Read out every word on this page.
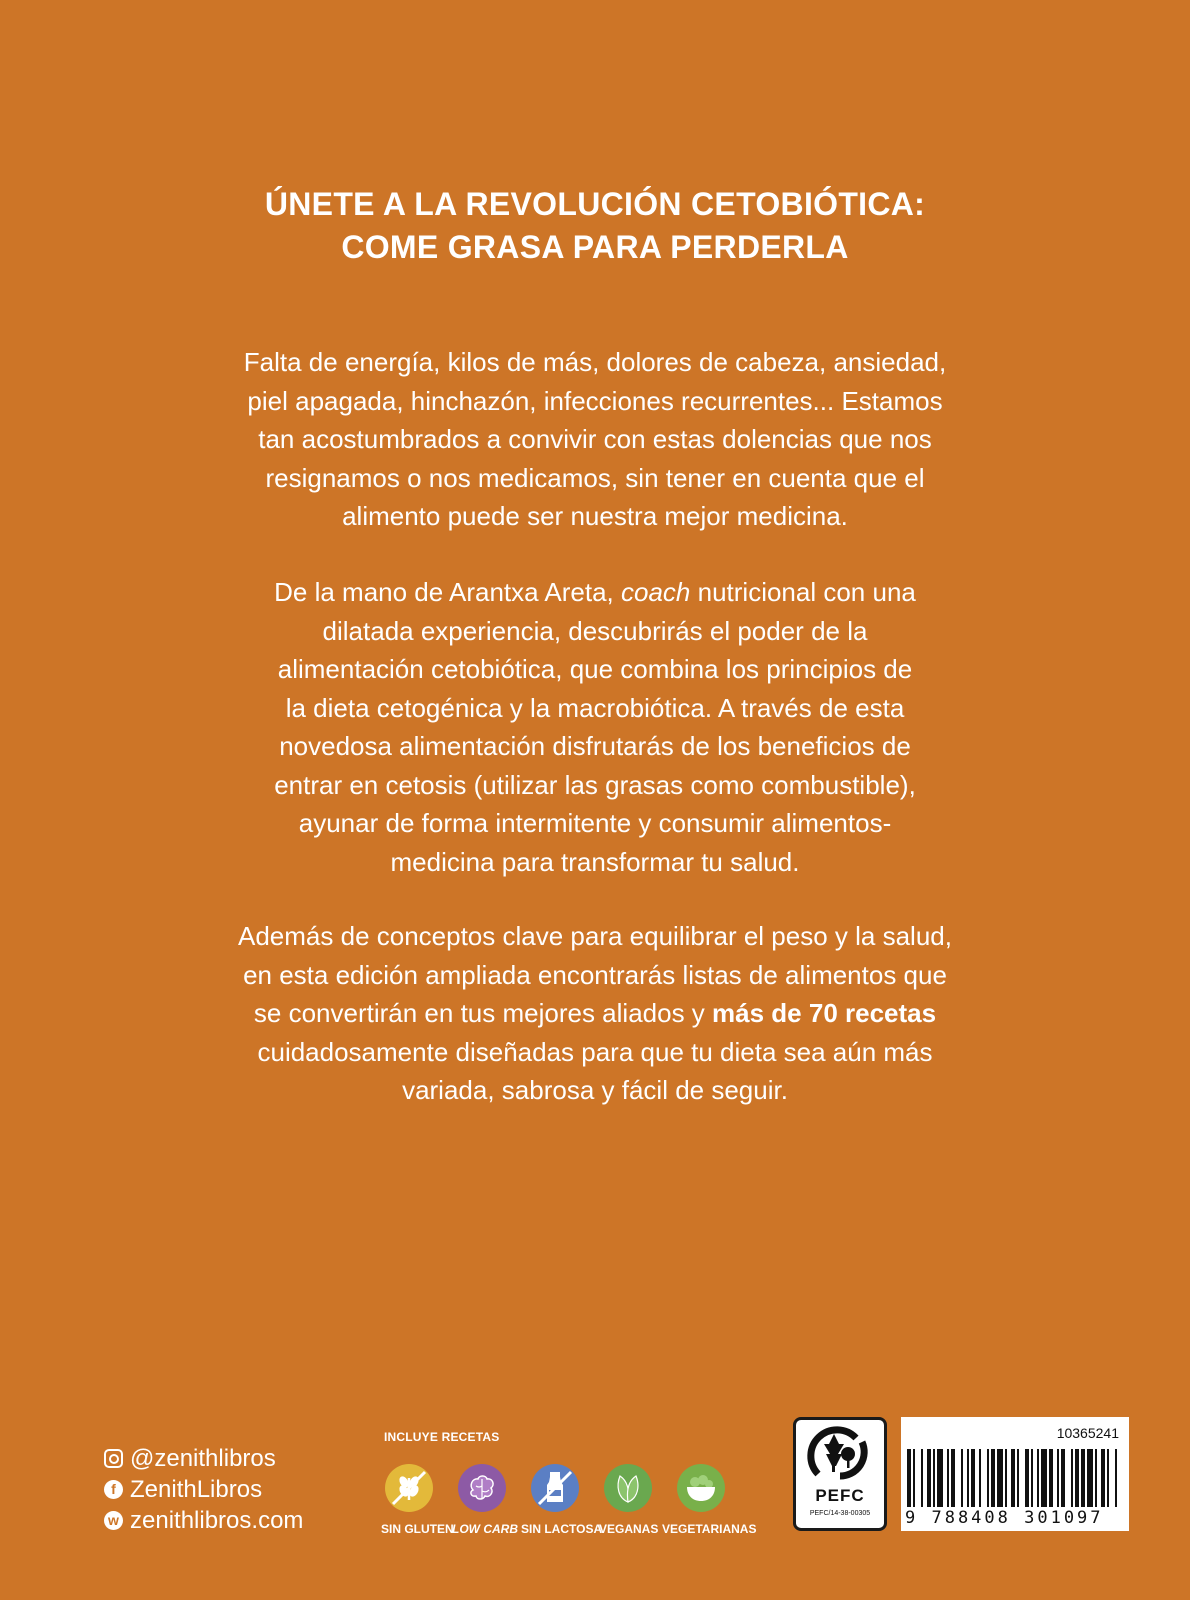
ÚNETE A LA REVOLUCIÓN CETOBIÓTICA:
COME GRASA PARA PERDERLA
Falta de energía, kilos de más, dolores de cabeza, ansiedad,
piel apagada, hinchazón, infecciones recurrentes... Estamos
tan acostumbrados a convivir con estas dolencias que nos
resignamos o nos medicamos, sin tener en cuenta que el
alimento puede ser nuestra mejor medicina.
De la mano de Arantxa Areta, coach nutricional con una
dilatada experiencia, descubrirás el poder de la
alimentación cetobiótica, que combina los principios de
la dieta cetogénica y la macrobiótica. A través de esta
novedosa alimentación disfrutarás de los beneficios de
entrar en cetosis (utilizar las grasas como combustible),
ayunar de forma intermitente y consumir alimentos-
medicina para transformar tu salud.
Además de conceptos clave para equilibrar el peso y la salud,
en esta edición ampliada encontrarás listas de alimentos que
se convertirán en tus mejores aliados y más de 70 recetas
cuidadosamente diseñadas para que tu dieta sea aún más
variada, sabrosa y fácil de seguir.
@zenithlibros
f ZenithLibros
w zenithlibros.com
INCLUYE RECETAS
SIN GLUTEN
LOW CARB SIN LACTOSA
VEGANAS VEGETARIANAS
PEFC
PEFC/14-38-00305
10365241
9 788408 301097
